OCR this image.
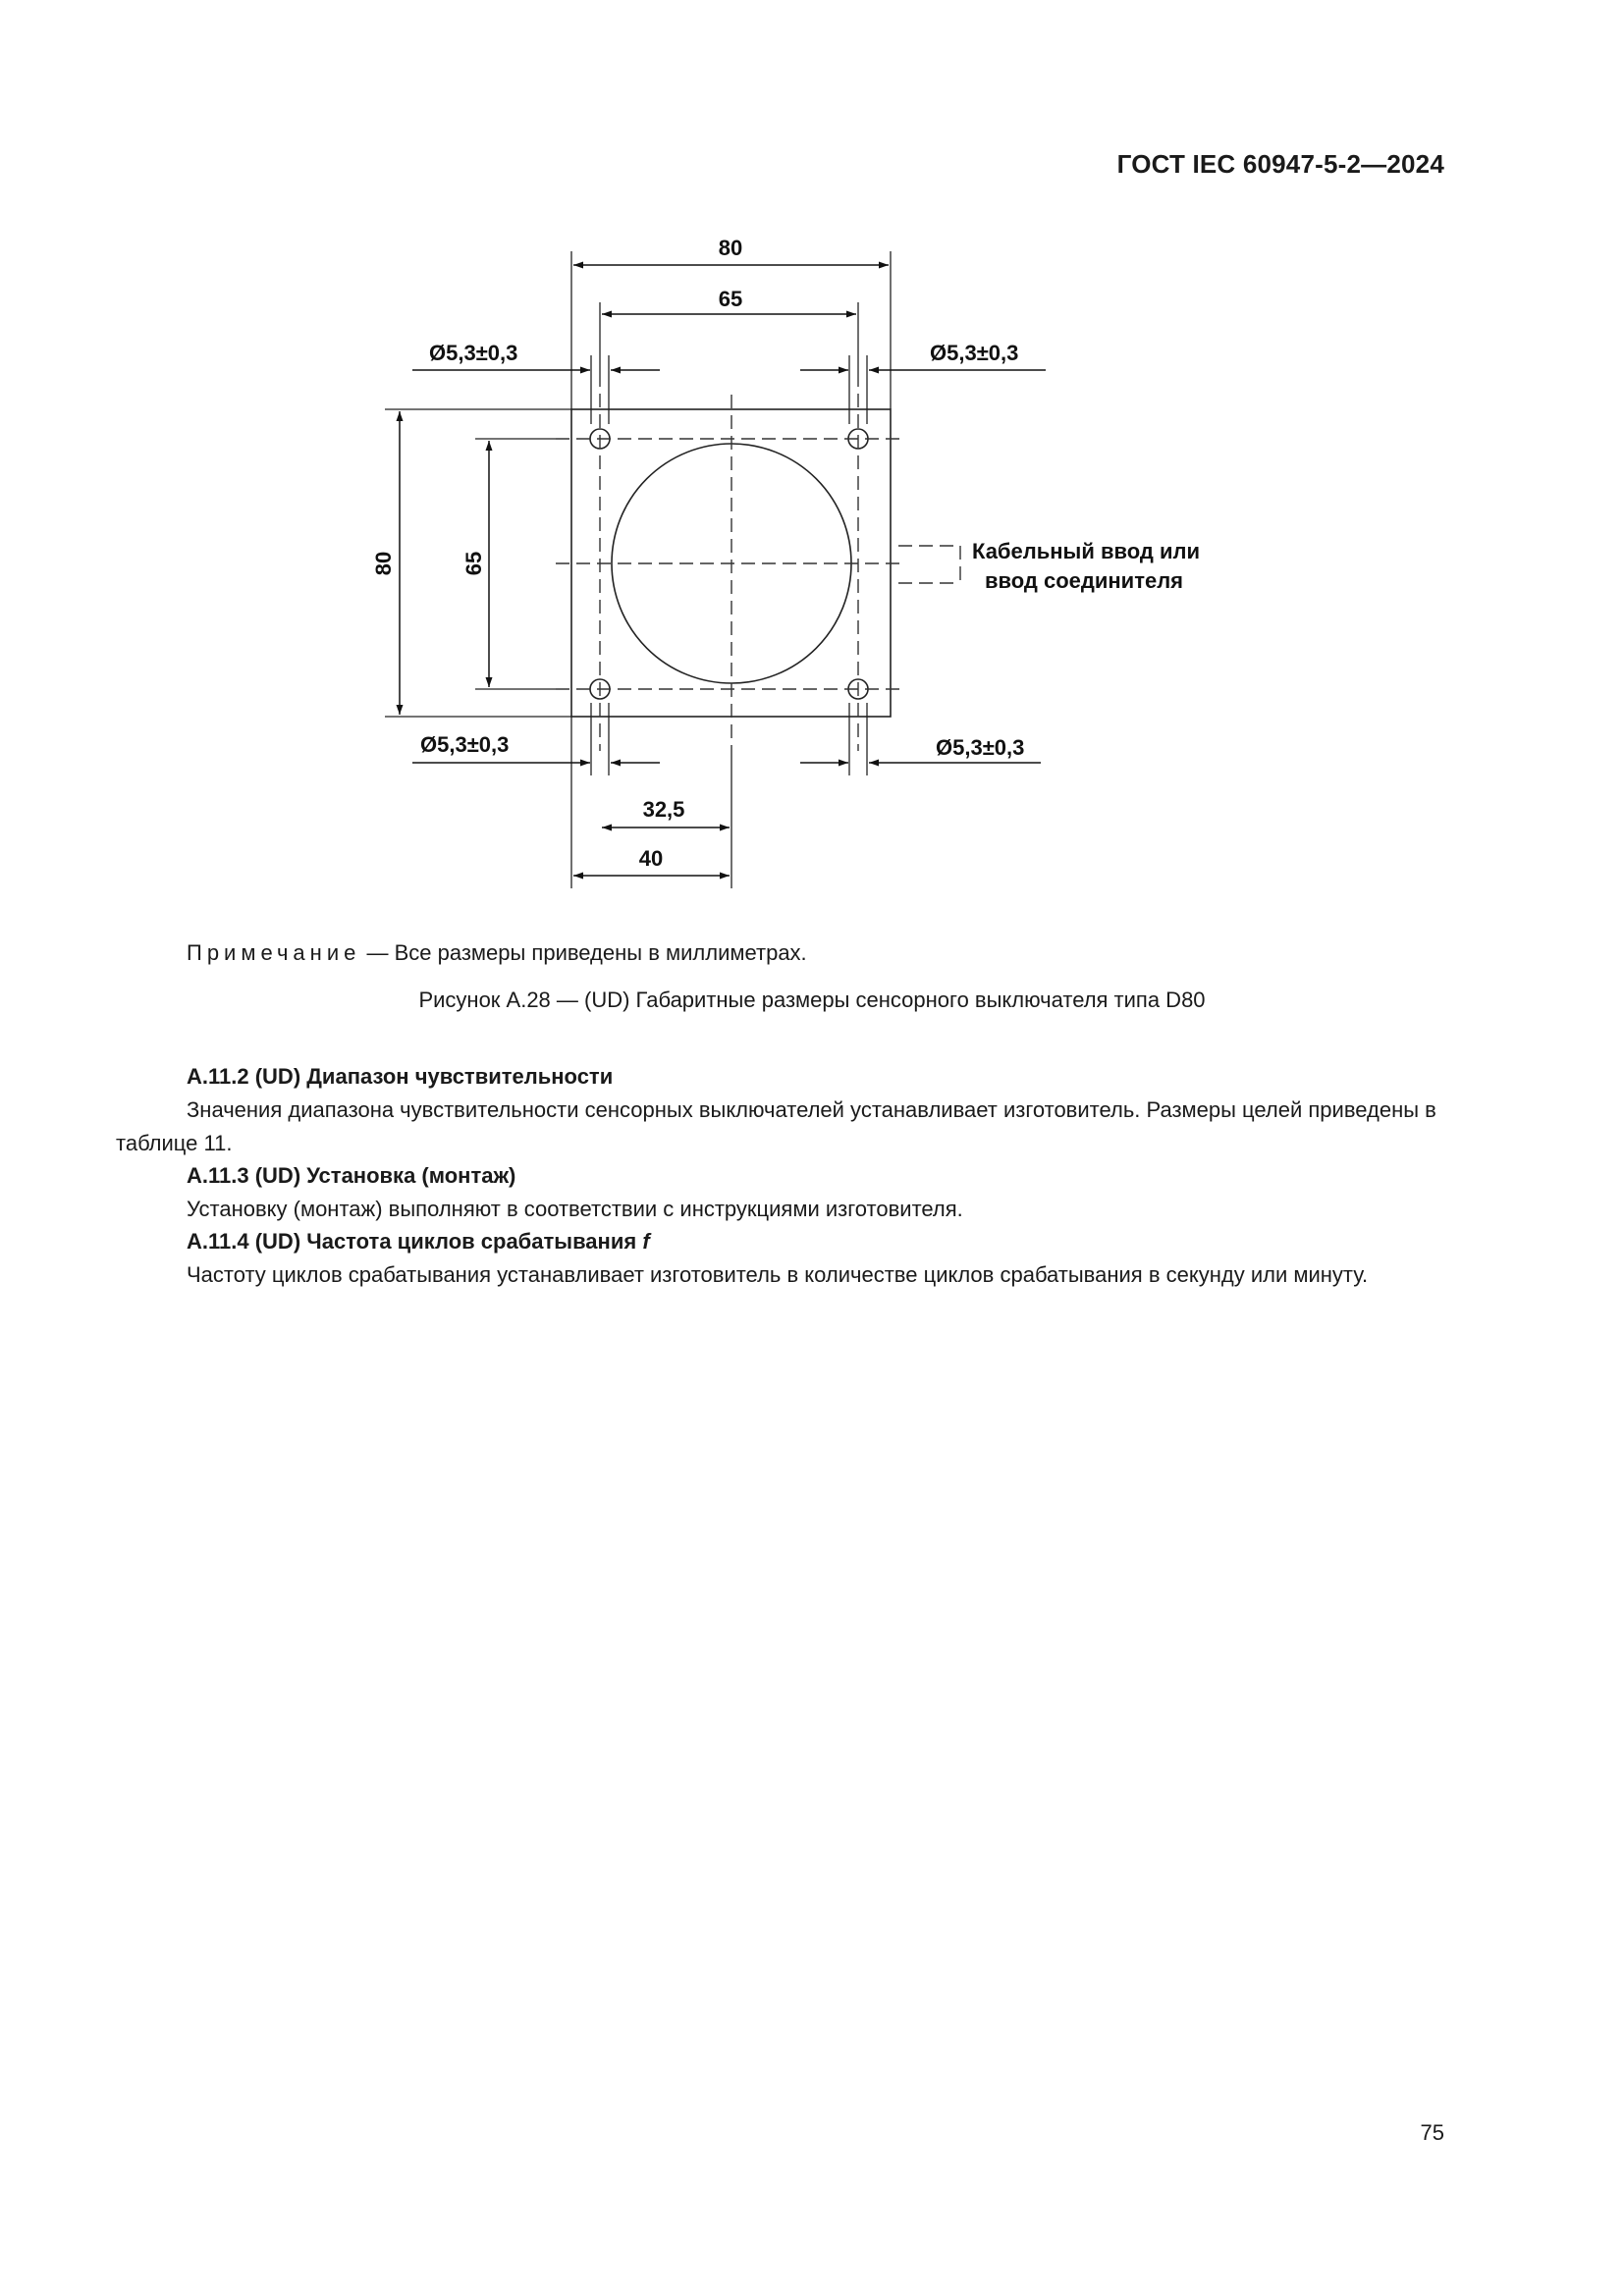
ГОСТ IEC 60947-5-2—2024
80
65
Ø5,3±0,3	Ø5,3±0,3
80	65
Ø5,3±0,3	Ø5,3±0,3
32,5
40
Кабельный ввод или
ввод соединителя
Примечание — Все размеры приведены в миллиметрах.
Рисунок А.28 — (UD) Габаритные размеры сенсорного выключателя типа D80
A.11.2 (UD) Диапазон чувствительности
Значения диапазона чувствительности сенсорных выключателей устанавливает изготовитель. Размеры целей приведены в таблице 11.
A.11.3 (UD) Установка (монтаж)
Установку (монтаж) выполняют в соответствии с инструкциями изготовителя.
A.11.4 (UD) Частота циклов срабатывания f
Частоту циклов срабатывания устанавливает изготовитель в количестве циклов срабатывания в секунду или минуту.
75
